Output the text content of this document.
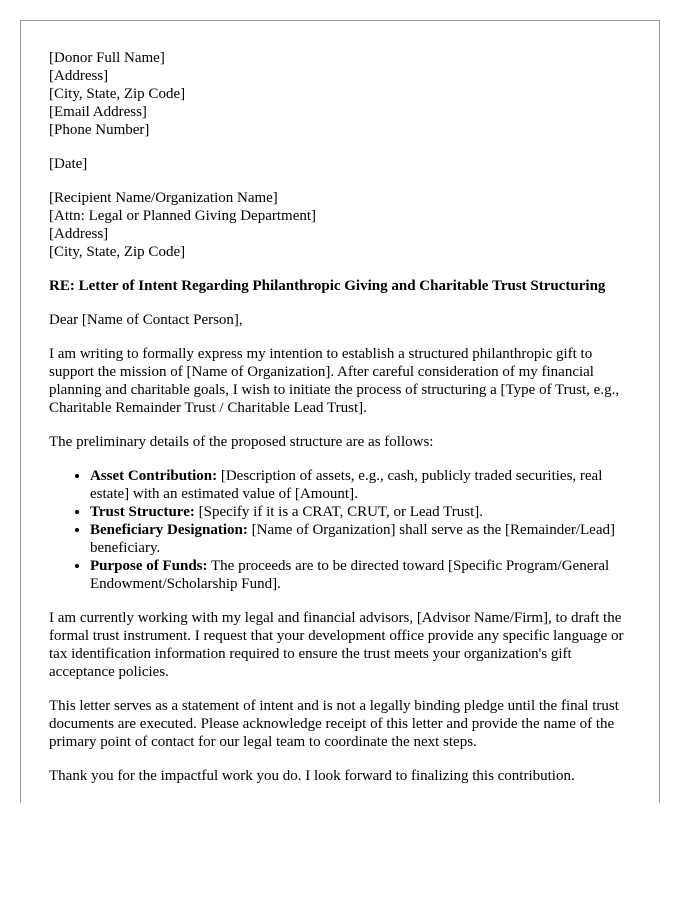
[Donor Full Name]
[Address]
[City, State, Zip Code]
[Email Address]
[Phone Number]
[Date]
[Recipient Name/Organization Name]
[Attn: Legal or Planned Giving Department]
[Address]
[City, State, Zip Code]
RE: Letter of Intent Regarding Philanthropic Giving and Charitable Trust Structuring

Dear [Name of Contact Person],

I am writing to formally express my intention to establish a structured philanthropic gift to support the mission of [Name of Organization]. After careful consideration of my financial planning and charitable goals, I wish to initiate the process of structuring a [Type of Trust, e.g., Charitable Remainder Trust / Charitable Lead Trust].

The preliminary details of the proposed structure are as follows:

• Asset Contribution: [Description of assets, e.g., cash, publicly traded securities, real estate] with an estimated value of [Amount].
• Trust Structure: [Specify if it is a CRAT, CRUT, or Lead Trust].
• Beneficiary Designation: [Name of Organization] shall serve as the [Remainder/Lead] beneficiary.
• Purpose of Funds: The proceeds are to be directed toward [Specific Program/General Endowment/Scholarship Fund].

I am currently working with my legal and financial advisors, [Advisor Name/Firm], to draft the formal trust instrument. I request that your development office provide any specific language or tax identification information required to ensure the trust meets your organization's gift acceptance policies.

This letter serves as a statement of intent and is not a legally binding pledge until the final trust documents are executed. Please acknowledge receipt of this letter and provide the name of the primary point of contact for our legal team to coordinate the next steps.

Thank you for the impactful work you do. I look forward to finalizing this contribution.
